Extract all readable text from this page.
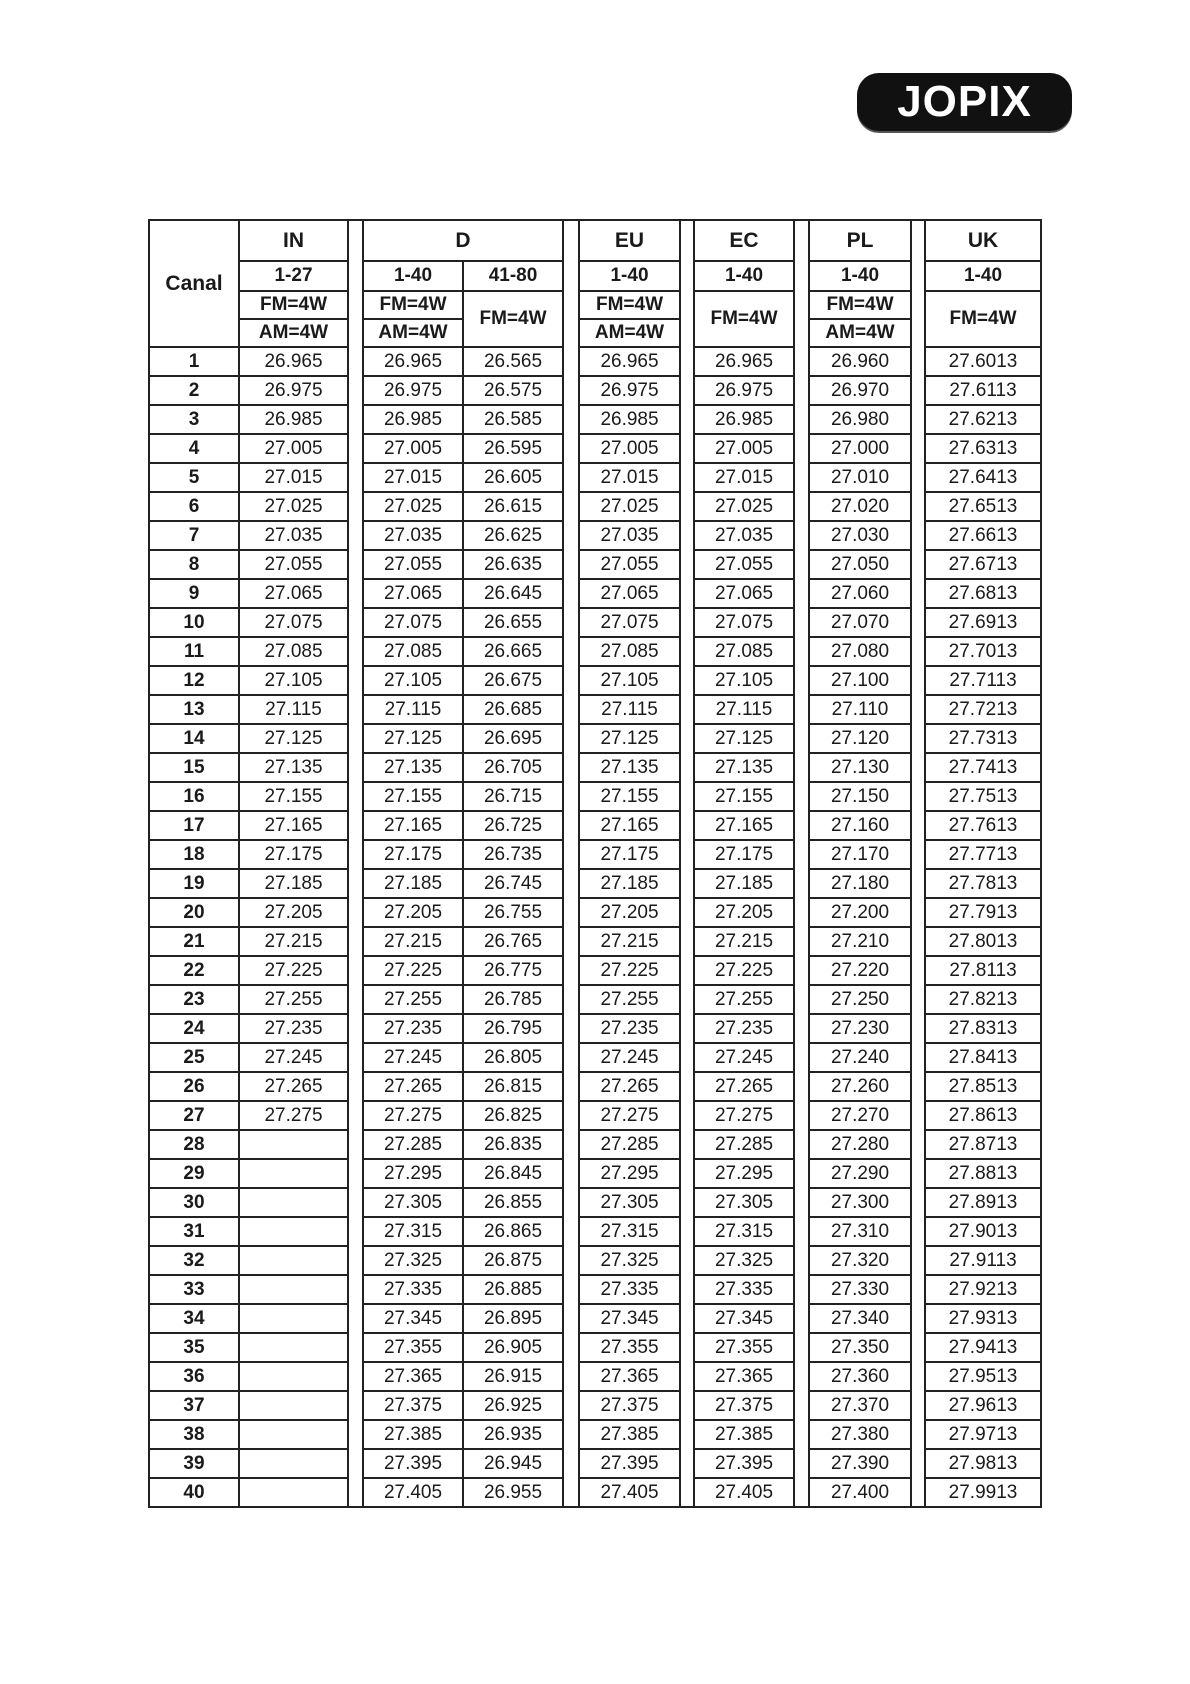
JOPIX
Canal	IN		D			EU		EC		PL		UK
	1-27		1-40	41-80		1-40		1-40		1-40		1-40
	FM=4W		FM=4W	FM=4W		FM=4W		FM=4W		FM=4W		FM=4W
	AM=4W		AM=4W			AM=4W				AM=4W		
1	26.965		26.965	26.565		26.965		26.965		26.960		27.6013
2	26.975		26.975	26.575		26.975		26.975		26.970		27.6113
3	26.985		26.985	26.585		26.985		26.985		26.980		27.6213
4	27.005		27.005	26.595		27.005		27.005		27.000		27.6313
5	27.015		27.015	26.605		27.015		27.015		27.010		27.6413
6	27.025		27.025	26.615		27.025		27.025		27.020		27.6513
7	27.035		27.035	26.625		27.035		27.035		27.030		27.6613
8	27.055		27.055	26.635		27.055		27.055		27.050		27.6713
9	27.065		27.065	26.645		27.065		27.065		27.060		27.6813
10	27.075		27.075	26.655		27.075		27.075		27.070		27.6913
11	27.085		27.085	26.665		27.085		27.085		27.080		27.7013
12	27.105		27.105	26.675		27.105		27.105		27.100		27.7113
13	27.115		27.115	26.685		27.115		27.115		27.110		27.7213
14	27.125		27.125	26.695		27.125		27.125		27.120		27.7313
15	27.135		27.135	26.705		27.135		27.135		27.130		27.7413
16	27.155		27.155	26.715		27.155		27.155		27.150		27.7513
17	27.165		27.165	26.725		27.165		27.165		27.160		27.7613
18	27.175		27.175	26.735		27.175		27.175		27.170		27.7713
19	27.185		27.185	26.745		27.185		27.185		27.180		27.7813
20	27.205		27.205	26.755		27.205		27.205		27.200		27.7913
21	27.215		27.215	26.765		27.215		27.215		27.210		27.8013
22	27.225		27.225	26.775		27.225		27.225		27.220		27.8113
23	27.255		27.255	26.785		27.255		27.255		27.250		27.8213
24	27.235		27.235	26.795		27.235		27.235		27.230		27.8313
25	27.245		27.245	26.805		27.245		27.245		27.240		27.8413
26	27.265		27.265	26.815		27.265		27.265		27.260		27.8513
27	27.275		27.275	26.825		27.275		27.275		27.270		27.8613
28			27.285	26.835		27.285		27.285		27.280		27.8713
29			27.295	26.845		27.295		27.295		27.290		27.8813
30			27.305	26.855		27.305		27.305		27.300		27.8913
31			27.315	26.865		27.315		27.315		27.310		27.9013
32			27.325	26.875		27.325		27.325		27.320		27.9113
33			27.335	26.885		27.335		27.335		27.330		27.9213
34			27.345	26.895		27.345		27.345		27.340		27.9313
35			27.355	26.905		27.355		27.355		27.350		27.9413
36			27.365	26.915		27.365		27.365		27.360		27.9513
37			27.375	26.925		27.375		27.375		27.370		27.9613
38			27.385	26.935		27.385		27.385		27.380		27.9713
39			27.395	26.945		27.395		27.395		27.390		27.9813
40			27.405	26.955		27.405		27.405		27.400		27.9913
